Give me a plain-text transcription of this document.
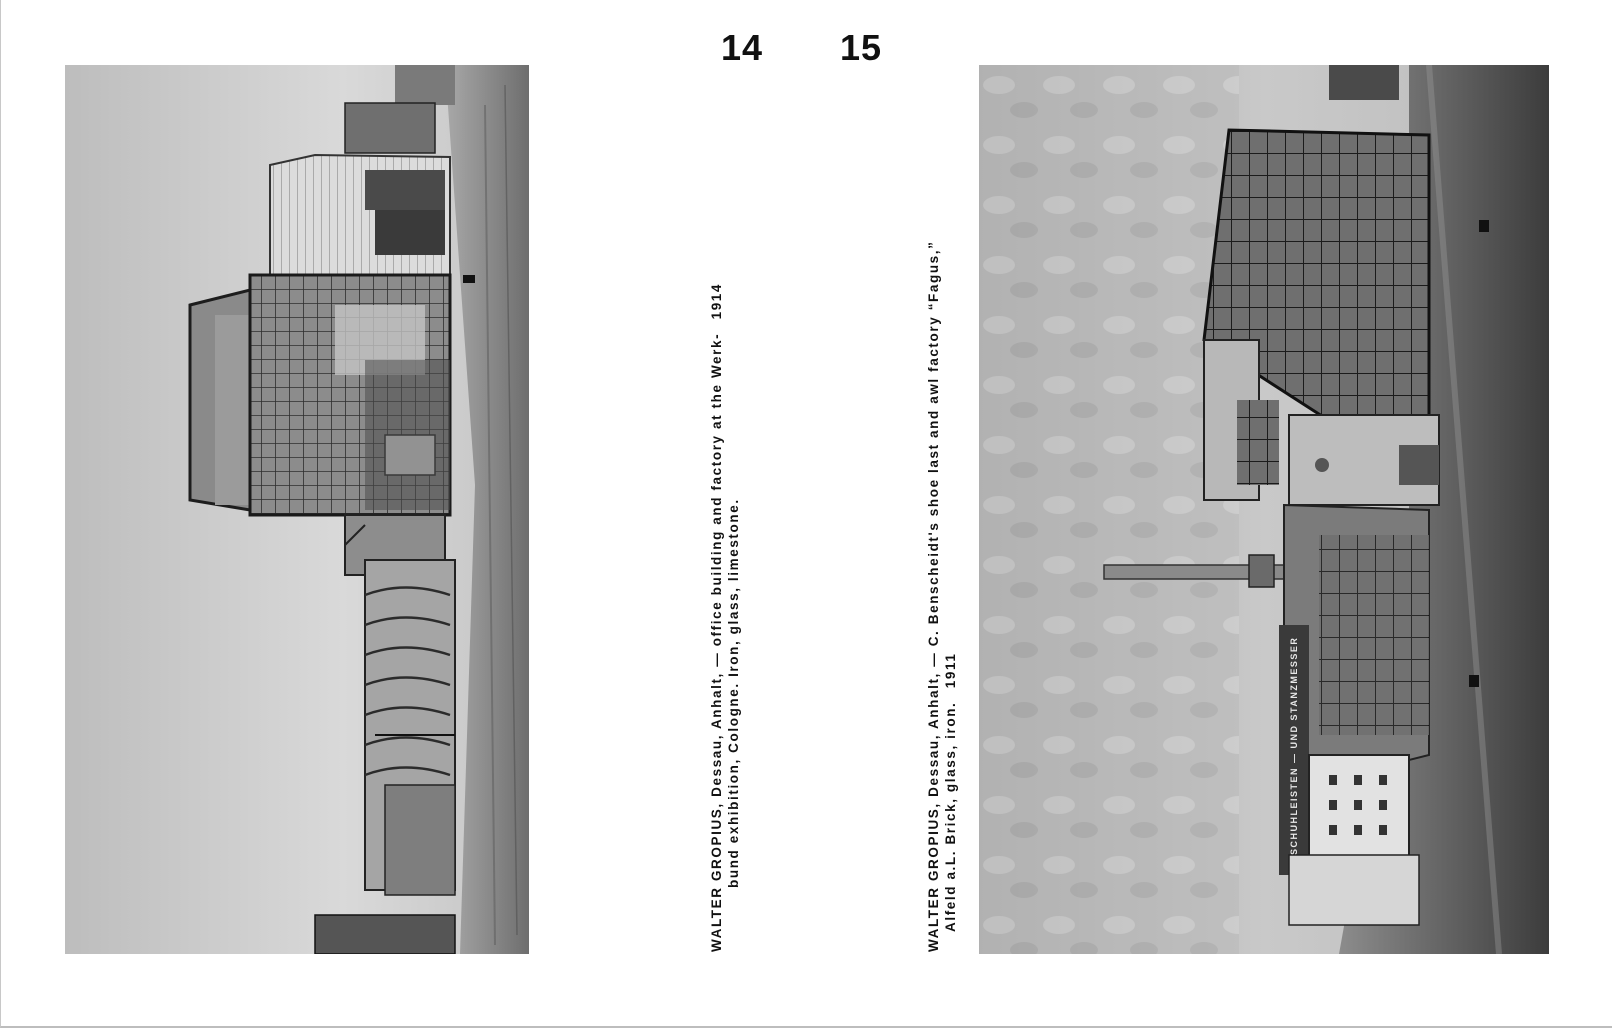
SCHUHLEISTEN — UND STANZMESSER
14 15
WALTER GROPIUS, Dessau, Anhalt, — office building and factory at the Werk- 1914
bund exhibition, Cologne. Iron, glass, limestone.	WALTER GROPIUS, Dessau, Anhalt, — C. Benscheidt's shoe last and awl factory “Fagus,”
Alfeld a.L. Brick, glass, iron. 1911
